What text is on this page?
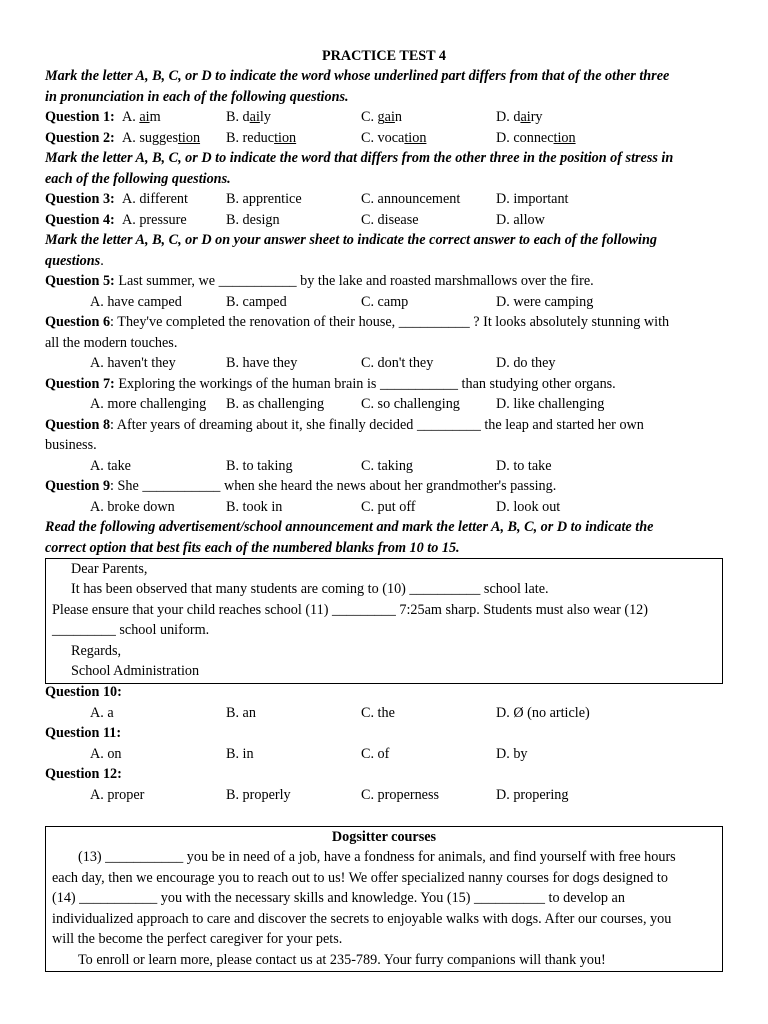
PRACTICE TEST 4
Mark the letter A, B, C, or D to indicate the word whose underlined part differs from that of the other three
in pronunciation in each of the following questions.
Question 1: A. aim	B. daily	C. gain	D. dairy
Question 2: A. suggestion B. reduction	C. vocation	D. connection
Mark the letter A, B, C, or D to indicate the word that differs from the other three in the position of stress in
each of the following questions.
Question 3: A. different	B. apprentice	C. announcement	D. important
Question 4: A. pressure	B. design	C. disease	D. allow
Mark the letter A, B, C, or D on your answer sheet to indicate the correct answer to each of the following
questions.
Question 5: Last summer, we ___________ by the lake and roasted marshmallows over the fire.
A. have camped	B. camped	C. camp	D. were camping
Question 6: They've completed the renovation of their house, __________ ? It looks absolutely stunning with
all the modern touches.
A. haven't they	B. have they	C. don't they	D. do they
Question 7: Exploring the workings of the human brain is ___________ than studying other organs.
A. more challenging B. as challenging	C. so challenging	D. like challenging
Question 8: After years of dreaming about it, she finally decided _________ the leap and started her own
business.
A. take	B. to taking	C. taking	D. to take
Question 9: She ___________ when she heard the news about her grandmother's passing.
A. broke down	B. took in	C. put off	D. look out
Read the following advertisement/school announcement and mark the letter A, B, C, or D to indicate the
correct option that best fits each of the numbered blanks from 10 to 15.
Dear Parents,
It has been observed that many students are coming to (10) __________ school late.
Please ensure that your child reaches school (11) _________ 7:25am sharp. Students must also wear (12)
_________ school uniform.
Regards,
School Administration
Question 10:
A. a	B. an	C. the	D. Ø (no article)
Question 11:
A. on	B. in	C. of	D. by
Question 12:
A. proper	B. properly	C. properness	D. propering
Dogsitter courses
(13) ___________ you be in need of a job, have a fondness for animals, and find yourself with free hours
each day, then we encourage you to reach out to us! We offer specialized nanny courses for dogs designed to
(14) ___________ you with the necessary skills and knowledge. You (15) __________ to develop an
individualized approach to care and discover the secrets to enjoyable walks with dogs. After our courses, you
will the become the perfect caregiver for your pets.
To enroll or learn more, please contact us at 235-789. Your furry companions will thank you!
